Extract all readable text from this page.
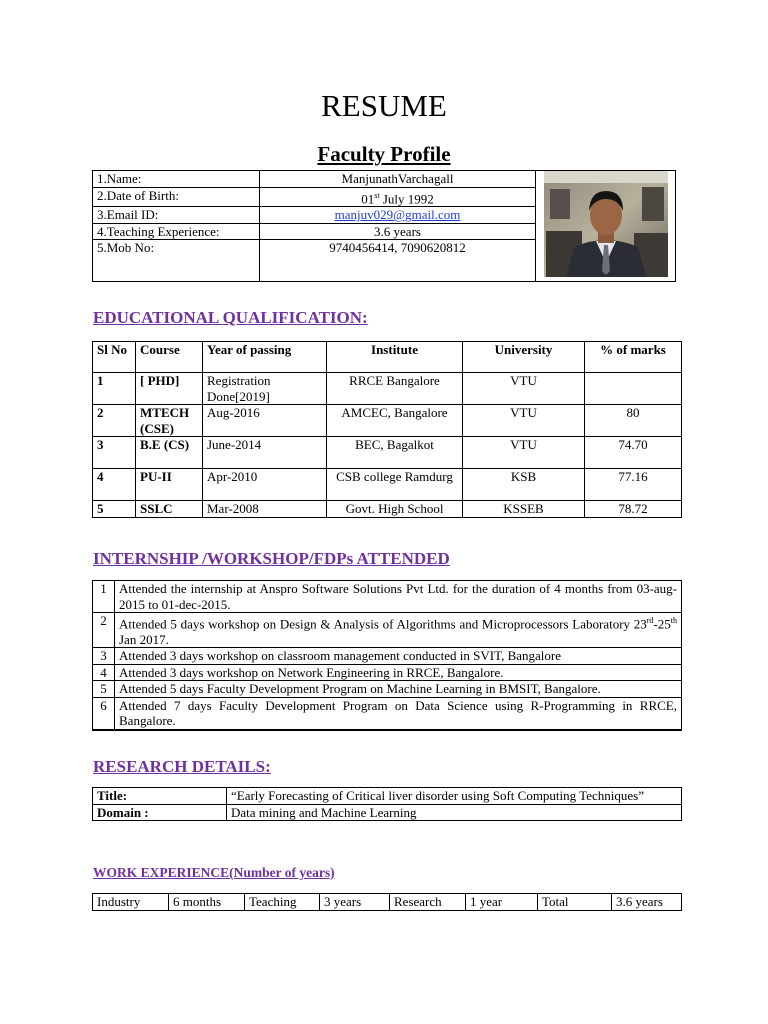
RESUME
Faculty Profile
1.Name:	ManjunathVarchagall	
2.Date of Birth:	01st July 1992	
3.Email ID:	manjuv029@gmail.com	
4.Teaching Experience:	3.6 years	
5.Mob No:	9740456414, 7090620812	
EDUCATIONAL QUALIFICATION:
Sl No	Course	Year of passing	Institute	University	% of marks
1	[ PHD]	Registration Done[2019]	RRCE Bangalore	VTU	
2	MTECH (CSE)	Aug-2016	AMCEC, Bangalore	VTU	80
3	B.E (CS)	June-2014	BEC, Bagalkot	VTU	74.70
4	PU-II	Apr-2010	CSB college Ramdurg	KSB	77.16
5	SSLC	Mar-2008	Govt. High School	KSSEB	78.72
INTERNSHIP /WORKSHOP/FDPs ATTENDED
1	Attended the internship at Anspro Software Solutions Pvt Ltd. for the duration of 4 months from 03-aug-2015 to 01-dec-2015.
2	Attended 5 days workshop on Design & Analysis of Algorithms and Microprocessors Laboratory 23rd-25th Jan 2017.
3	Attended 3 days workshop on classroom management conducted in SVIT, Bangalore
4	Attended 3 days workshop on Network Engineering in RRCE, Bangalore.
5	Attended 5 days Faculty Development Program on Machine Learning in BMSIT, Bangalore.
6	Attended 7 days Faculty Development Program on Data Science using R-Programming in RRCE, Bangalore.
RESEARCH DETAILS:
Title:	“Early Forecasting of Critical liver disorder using Soft Computing Techniques”
Domain :	Data mining and Machine Learning
WORK EXPERIENCE(Number of years)
Industry	6 months	Teaching	3 years	Research	1 year	Total	3.6 years
